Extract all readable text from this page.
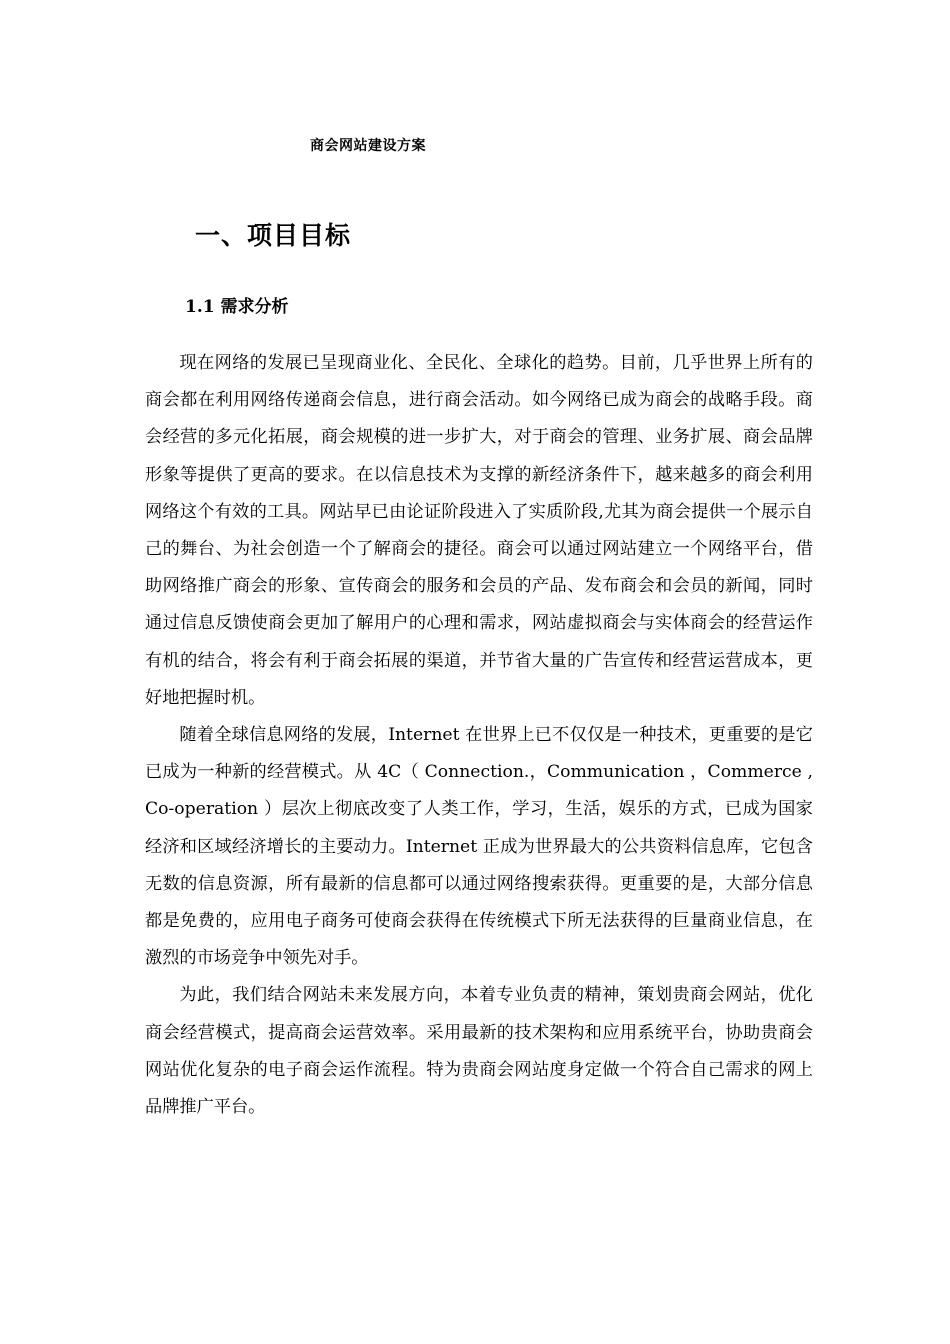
商会网站建设方案
一、项目目标
1.1 需求分析

现在网络的发展已呈现商业化、全民化、全球化的趋势。目前，几乎世界上所有的商会都在利用网络传递商会信息，进行商会活动。如今网络已成为商会的战略手段。商会经营的多元化拓展，商会规模的进一步扩大，对于商会的管理、业务扩展、商会品牌形象等提供了更高的要求。在以信息技术为支撑的新经济条件下，越来越多的商会利用网络这个有效的工具。网站早已由论证阶段进入了实质阶段,尤其为商会提供一个展示自己的舞台、为社会创造一个了解商会的捷径。商会可以通过网站建立一个网络平台，借助网络推广商会的形象、宣传商会的服务和会员的产品、发布商会和会员的新闻，同时通过信息反馈使商会更加了解用户的心理和需求，网站虚拟商会与实体商会的经营运作有机的结合，将会有利于商会拓展的渠道，并节省大量的广告宣传和经营运营成本，更好地把握时机。

随着全球信息网络的发展，Internet 在世界上已不仅仅是一种技术，更重要的是它已成为一种新的经营模式。从 4C（ Connection.，Communication ，Commerce , Co-operation ）层次上彻底改变了人类工作，学习，生活，娱乐的方式，已成为国家经济和区域经济增长的主要动力。Internet 正成为世界最大的公共资料信息库，它包含无数的信息资源，所有最新的信息都可以通过网络搜索获得。更重要的是，大部分信息都是免费的，应用电子商务可使商会获得在传统模式下所无法获得的巨量商业信息，在激烈的市场竞争中领先对手。

为此，我们结合网站未来发展方向，本着专业负责的精神，策划贵商会网站，优化商会经营模式，提高商会运营效率。采用最新的技术架构和应用系统平台，协助贵商会网站优化复杂的电子商会运作流程。特为贵商会网站度身定做一个符合自己需求的网上品牌推广平台。
